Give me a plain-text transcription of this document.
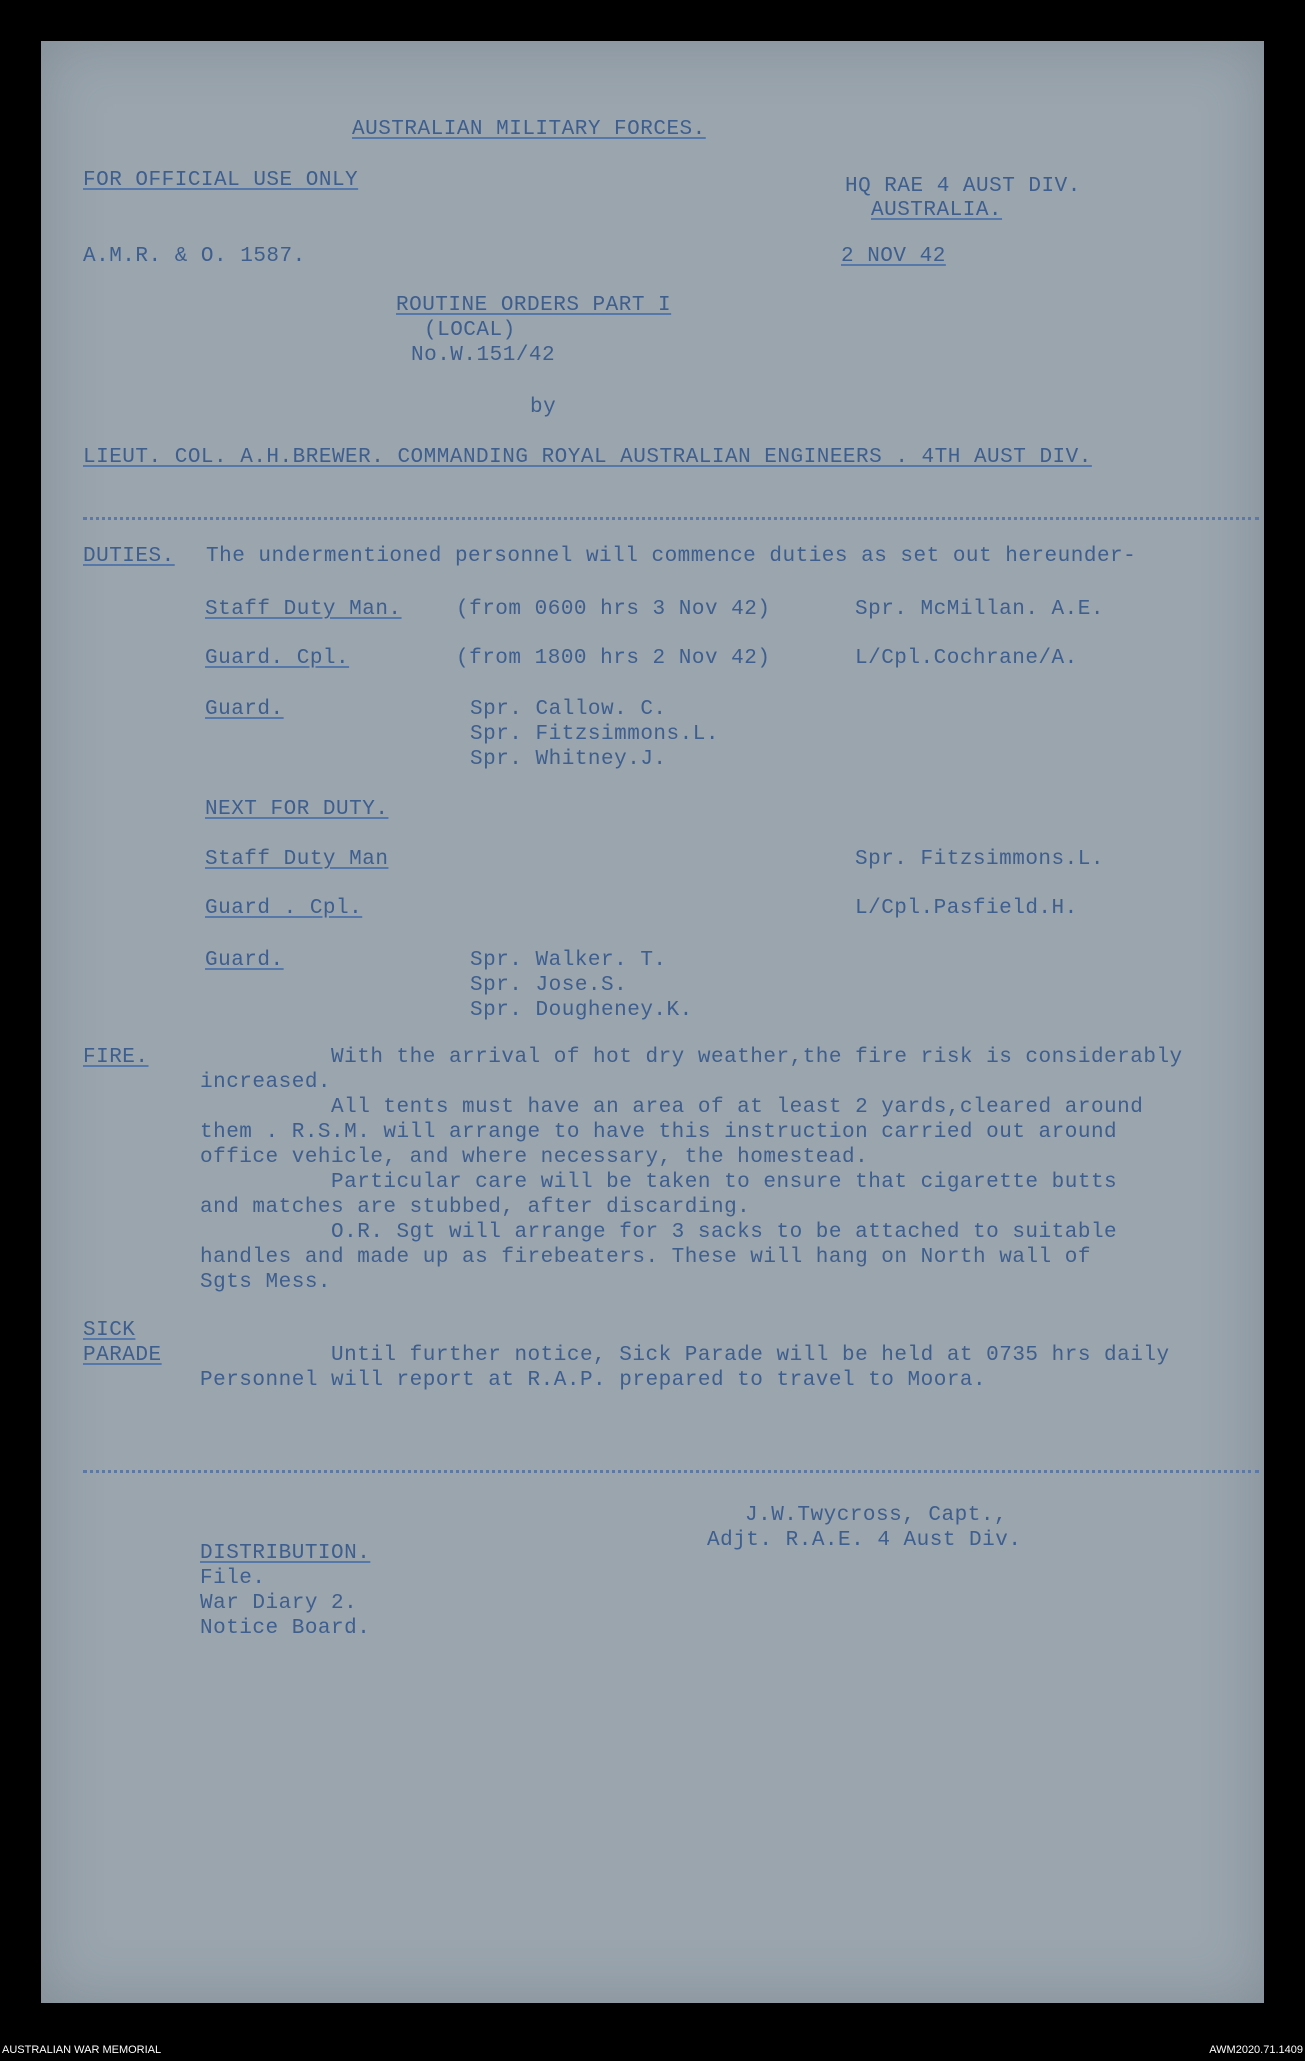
AUSTRALIAN MILITARY FORCES.
FOR OFFICIAL USE ONLY	HQ RAE 4 AUST DIV.
AUSTRALIA.
A.M.R. & O. 1587.	2 NOV 42
ROUTINE ORDERS PART I
(LOCAL)
No.W.151/42
by
LIEUT. COL. A.H.BREWER. COMMANDING ROYAL AUSTRALIAN ENGINEERS . 4TH AUST DIV.
DUTIES. The undermentioned personnel will commence duties as set out hereunder-
Staff Duty Man.	(from 0600 hrs 3 Nov 42)	Spr. McMillan. A.E.
Guard. Cpl.	(from 1800 hrs 2 Nov 42)	L/Cpl.Cochrane/A.
Guard.	Spr. Callow. C.
Spr. Fitzsimmons.L.
Spr. Whitney.J.
NEXT FOR DUTY.
Staff Duty Man	Spr. Fitzsimmons.L.
Guard . Cpl.	L/Cpl.Pasfield.H.
Guard.	Spr. Walker. T.
Spr. Jose.S.
Spr. Dougheney.K.
FIRE. With the arrival of hot dry weather,the fire risk is considerably
increased.
All tents must have an area of at least 2 yards,cleared around
them . R.S.M. will arrange to have this instruction carried out around
office vehicle, and where necessary, the homestead.
Particular care will be taken to ensure that cigarette butts
and matches are stubbed, after discarding.
O.R. Sgt will arrange for 3 sacks to be attached to suitable
handles and made up as firebeaters. These will hang on North wall of
Sgts Mess.
SICK
PARADE Until further notice, Sick Parade will be held at 0735 hrs daily
Personnel will report at R.A.P. prepared to travel to Moora.
J.W.Twycross, Capt.,
Adjt. R.A.E. 4 Aust Div.
DISTRIBUTION.
File.
War Diary 2.
Notice Board.
AUSTRALIAN WAR MEMORIAL	AWM2020.71.1409
